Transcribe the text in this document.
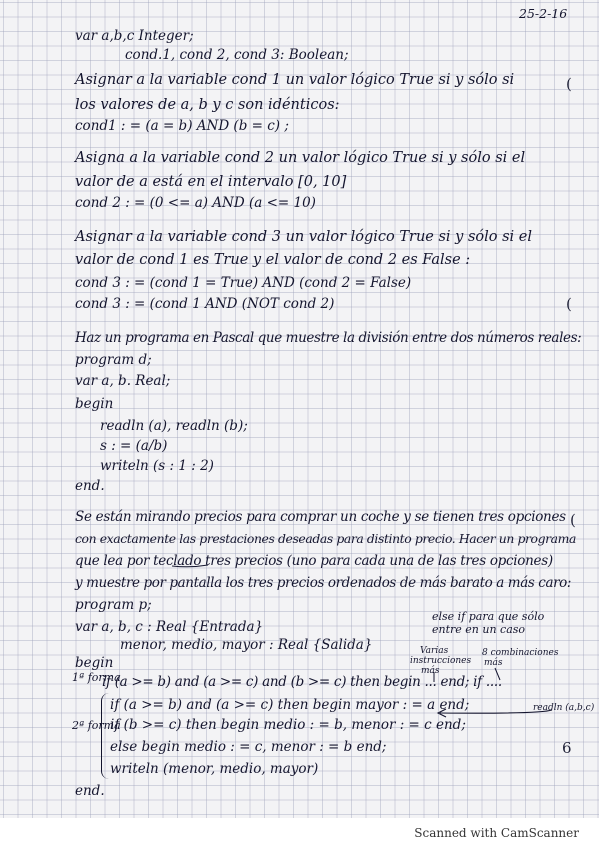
25-2-16
var a,b,c Integer;
cond.1, cond 2, cond 3: Boolean;
Asignar a la variable cond 1 un valor lógico True si y sólo si
los valores de a, b y c son idénticos:
cond1 : = (a = b) AND (b = c) ;
Asigna a la variable cond 2 un valor lógico True si y sólo si el
valor de a está en el intervalo [0, 10]
cond 2 : = (0 <= a) AND (a <= 10)
Asignar a la variable cond 3 un valor lógico True si y sólo si el
valor de cond 1 es True y el valor de cond 2 es False :
cond 3 : = (cond 1 = True) AND (cond 2 = False)
cond 3 : = (cond 1 AND (NOT cond 2)
Haz un programa en Pascal que muestre la división entre dos números reales:
program d;
var a, b. Real;
begin
readln (a), readln (b);
s : = (a/b)
writeln (s : 1 : 2)
end.
Se están mirando precios para comprar un coche y se tienen tres opciones
con exactamente las prestaciones deseadas para distinto precio. Hacer un programa
que lea por teclado tres precios (uno para cada una de las tres opciones)
y muestre por pantalla los tres precios ordenados de más barato a más caro:
program p;
var a, b, c : Real {Entrada}
menor, medio, mayor : Real {Salida}
begin
1ª forma
if (a >= b) and (a >= c) and (b >= c) then begin ... end; if ....
if (a >= b) and (a >= c) then begin mayor : = a end;
2ª forma
if (b >= c) then begin medio : = b, menor : = c end;
else begin medio : = c, menor : = b end;
writeln (menor, medio, mayor)
end.
else if para que sólo
entre en un caso
Varias
instrucciones
más
8 combinaciones
más
readln (a,b,c)
(
(
(
6
Scanned with CamScanner
